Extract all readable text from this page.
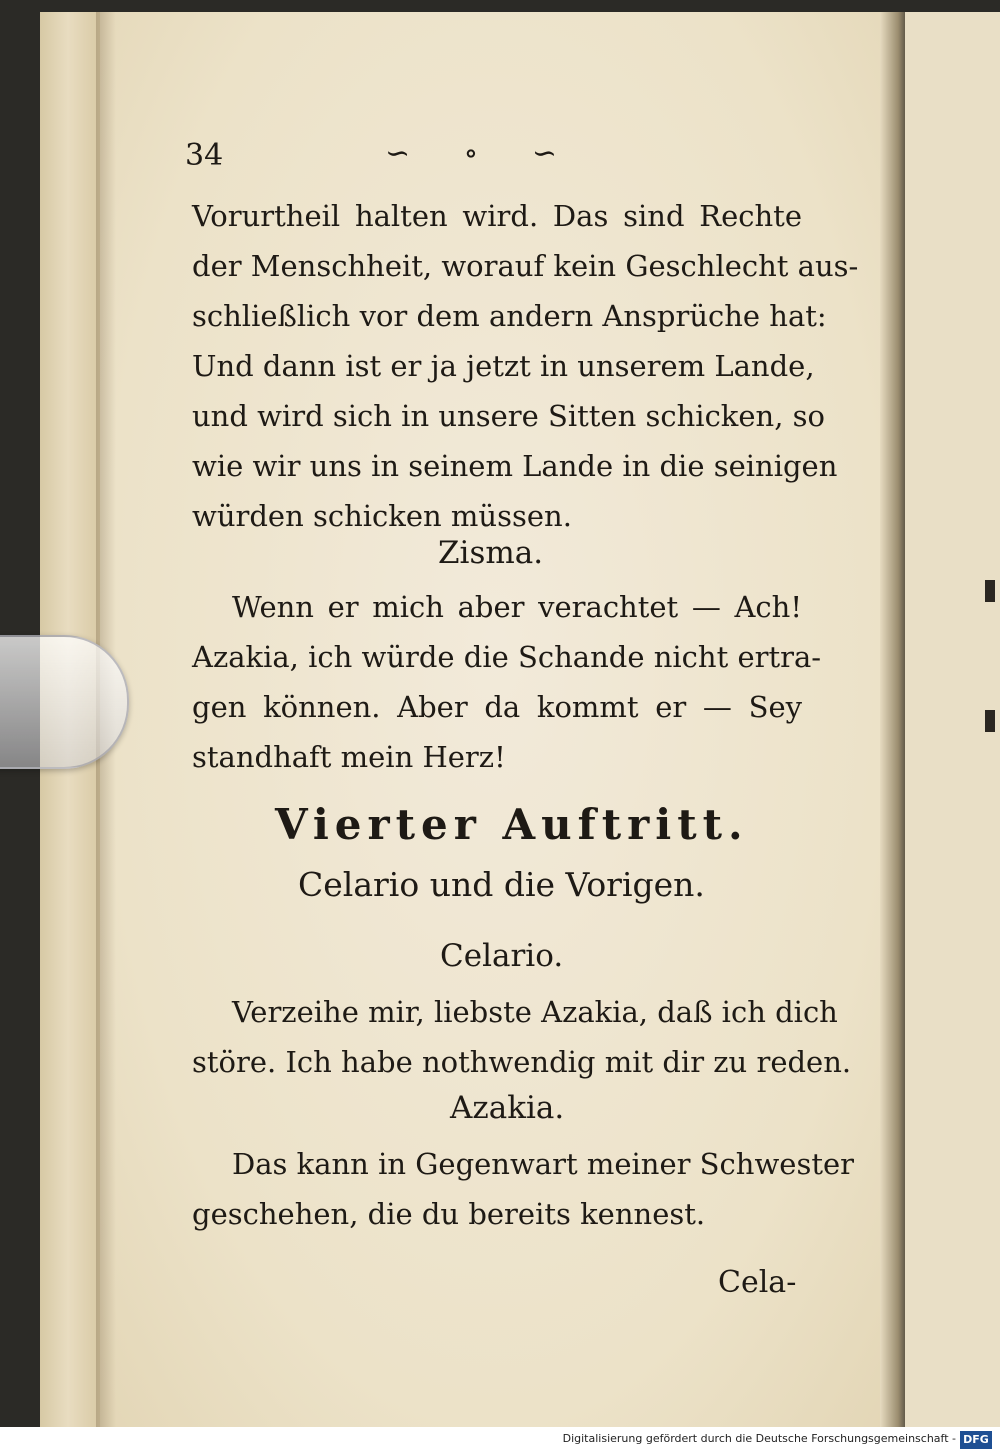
34	∽ ∘ ∽
Vorurtheil halten wird. Das sind Rechte
der Menschheit, worauf kein Geschlecht aus-
schließlich vor dem andern Ansprüche hat:
Und dann ist er ja jetzt in unserem Lande,
und wird sich in unsere Sitten schicken, so
wie wir uns in seinem Lande in die seinigen
würden schicken müssen.
Zisma.
Wenn er mich aber verachtet — Ach!
Azakia, ich würde die Schande nicht ertra-
gen können. Aber da kommt er — Sey
standhaft mein Herz!
Vierter Auftritt.
Celario und die Vorigen.
Celario.
Verzeihe mir, liebste Azakia, daß ich dich
störe. Ich habe nothwendig mit dir zu reden.
Azakia.
Das kann in Gegenwart meiner Schwester
geschehen, die du bereits kennest.
Cela-
Digitalisierung gefördert durch die Deutsche Forschungsgemeinschaft - DFG
